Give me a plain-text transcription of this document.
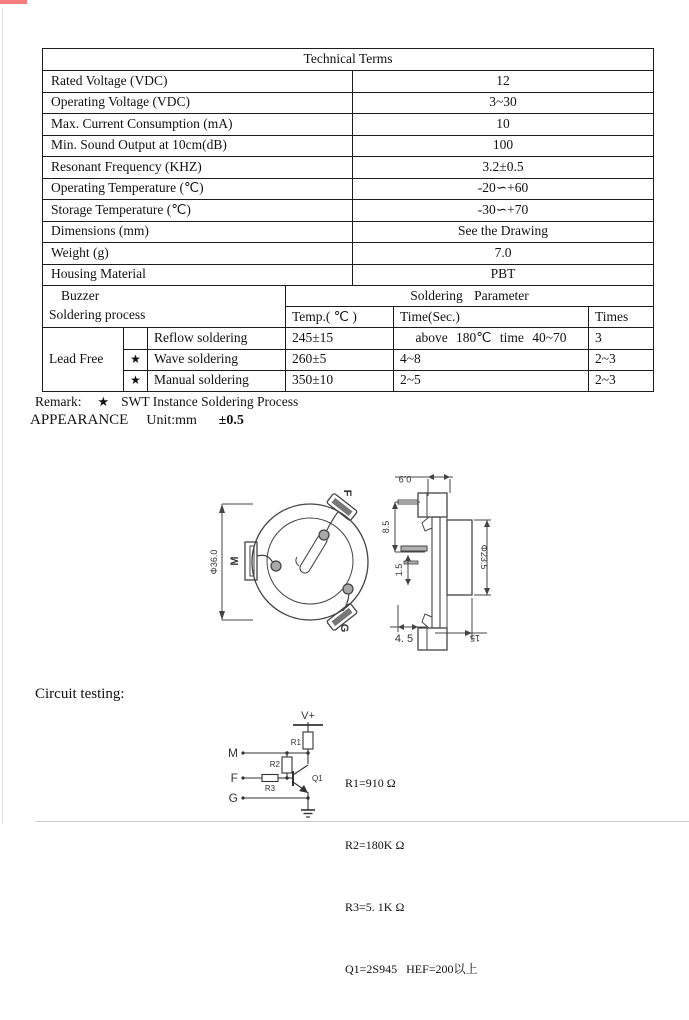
Technical Terms	
Rated Voltage (VDC)	12
Operating Voltage (VDC)	3~30
Max. Current Consumption (mA)	10
Min. Sound Output at 10cm(dB)	100
Resonant Frequency (KHZ)	3.2±0.5
Operating Temperature (℃)	-20∽+60
Storage Temperature (℃)	-30∽+70
Dimensions (mm)	See the Drawing
Weight (g)	7.0
Housing Material	PBT
Buzzer
Soldering process			Soldering Parameter		
			Temp.( ℃ )	Time(Sec.)	Times
Lead Free		Reflow soldering	245±15	above 180℃ time 40~70	3
	★	Wave soldering	260±5	4~8	2~3
	★	Manual soldering	350±10	2~5	2~3
Remark: ★ SWT Instance Soldering Process
APPEARANCE Unit:mm ±0.5
Φ36.0 M
F
G
0.9
8.5
1.5
4. 5
Φ23.5
15
Circuit testing:
V+
R1
R2
R3
Q1
M
F
G

R1=910 Ω

R2=180K Ω

R3=5. 1K Ω

Q1=2S945   HEF=200以上
